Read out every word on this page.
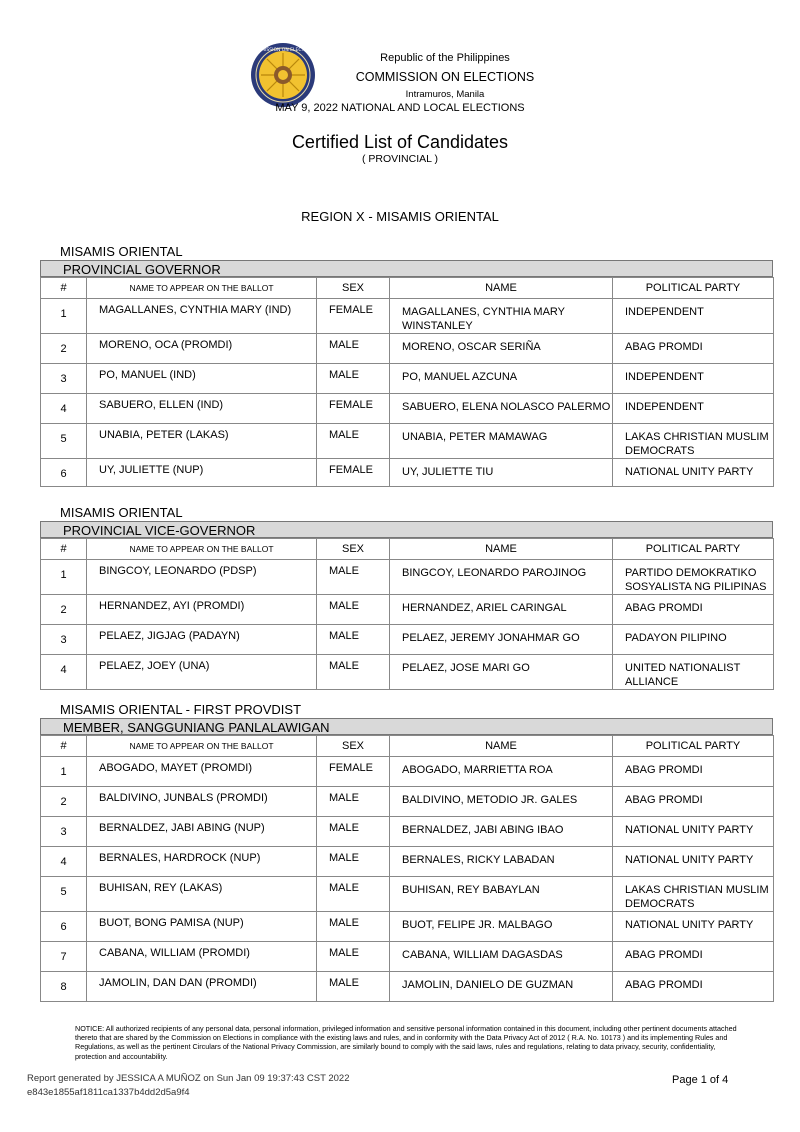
COMMISSION ON ELECTIONS
Republic of the Philippines
COMMISSION ON ELECTIONS
Intramuros, Manila
MAY 9, 2022 NATIONAL AND LOCAL ELECTIONS
Certified List of Candidates
( PROVINCIAL )
REGION X - MISAMIS ORIENTAL
MISAMIS ORIENTAL
PROVINCIAL GOVERNOR
#	NAME TO APPEAR ON THE BALLOT	SEX	NAME	POLITICAL PARTY
1	MAGALLANES, CYNTHIA MARY (IND)	FEMALE	MAGALLANES, CYNTHIA MARY WINSTANLEY	INDEPENDENT

2	MORENO, OCA (PROMDI)	MALE	MORENO, OSCAR SERIÑA	ABAG PROMDI

3	PO, MANUEL (IND)	MALE	PO, MANUEL AZCUNA	INDEPENDENT

4	SABUERO, ELLEN (IND)	FEMALE	SABUERO, ELENA NOLASCO PALERMO	INDEPENDENT

5	UNABIA, PETER (LAKAS)	MALE	UNABIA, PETER MAMAWAG	LAKAS CHRISTIAN MUSLIM DEMOCRATS

6	UY, JULIETTE (NUP)	FEMALE	UY, JULIETTE TIU	NATIONAL UNITY PARTY
MISAMIS ORIENTAL
PROVINCIAL VICE-GOVERNOR
#	NAME TO APPEAR ON THE BALLOT	SEX	NAME	POLITICAL PARTY
1	BINGCOY, LEONARDO (PDSP)	MALE	BINGCOY, LEONARDO PAROJINOG	PARTIDO DEMOKRATIKO SOSYALISTA NG PILIPINAS

2	HERNANDEZ, AYI (PROMDI)	MALE	HERNANDEZ, ARIEL CARINGAL	ABAG PROMDI

3	PELAEZ, JIGJAG (PADAYN)	MALE	PELAEZ, JEREMY JONAHMAR GO	PADAYON PILIPINO

4	PELAEZ, JOEY (UNA)	MALE	PELAEZ, JOSE MARI GO	UNITED NATIONALIST ALLIANCE
MISAMIS ORIENTAL - FIRST PROVDIST
MEMBER, SANGGUNIANG PANLALAWIGAN
#	NAME TO APPEAR ON THE BALLOT	SEX	NAME	POLITICAL PARTY
1	ABOGADO, MAYET (PROMDI)	FEMALE	ABOGADO, MARRIETTA ROA	ABAG PROMDI

2	BALDIVINO, JUNBALS (PROMDI)	MALE	BALDIVINO, METODIO JR. GALES	ABAG PROMDI

3	BERNALDEZ, JABI ABING (NUP)	MALE	BERNALDEZ, JABI ABING IBAO	NATIONAL UNITY PARTY

4	BERNALES, HARDROCK (NUP)	MALE	BERNALES, RICKY LABADAN	NATIONAL UNITY PARTY

5	BUHISAN, REY (LAKAS)	MALE	BUHISAN, REY BABAYLAN	LAKAS CHRISTIAN MUSLIM DEMOCRATS

6	BUOT, BONG PAMISA (NUP)	MALE	BUOT, FELIPE JR. MALBAGO	NATIONAL UNITY PARTY

7	CABANA, WILLIAM (PROMDI)	MALE	CABANA, WILLIAM DAGASDAS	ABAG PROMDI

8	JAMOLIN, DAN DAN (PROMDI)	MALE	JAMOLIN, DANIELO DE GUZMAN	ABAG PROMDI
NOTICE: All authorized recipients of any personal data, personal information, privileged information and sensitive personal information contained in this document, including other pertinent documents attached thereto that are shared by the Commission on Elections in compliance with the existing laws and rules, and in conformity with the Data Privacy Act of 2012 ( R.A. No. 10173 ) and its implementing Rules and Regulations, as well as the pertinent Circulars of the National Privacy Commission, are similarly bound to comply with the said laws, rules and regulations, relating to data privacy, security, confidentiality, protection and accountability.
Report generated by JESSICA A MUÑOZ on Sun Jan 09 19:37:43 CST 2022
e843e1855af1811ca1337b4dd2d5a9f4
Page 1 of 4
